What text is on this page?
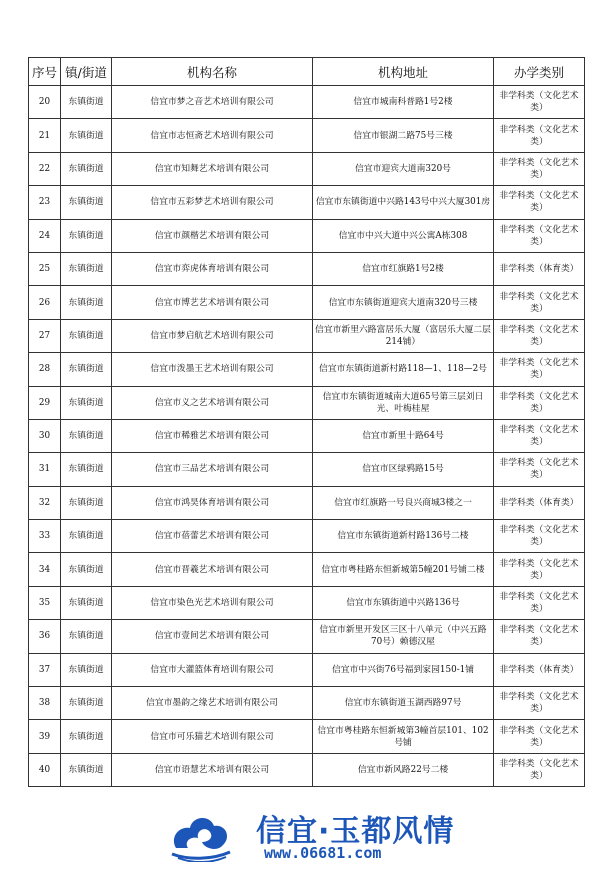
序号	镇/街道	机构名称	机构地址	办学类别
20	东镇街道	信宜市梦之音艺术培训有限公司	信宜市城南科普路1号2楼	非学科类（文化艺术类）
21	东镇街道	信宜市志恒斋艺术培训有限公司	信宜市银湖二路75号三楼	非学科类（文化艺术类）
22	东镇街道	信宜市知舞艺术培训有限公司	信宜市迎宾大道南320号	非学科类（文化艺术类）
23	东镇街道	信宜市五彩梦艺术培训有限公司	信宜市东镇街道中兴路143号中兴大厦301房	非学科类（文化艺术类）
24	东镇街道	信宜市颜楷艺术培训有限公司	信宜市中兴大道中兴公寓A栋308	非学科类（文化艺术类）
25	东镇街道	信宜市弈虎体育培训有限公司	信宜市红旗路1号2楼	非学科类（体育类）
26	东镇街道	信宜市博艺艺术培训有限公司	信宜市东镇街道迎宾大道南320号三楼	非学科类（文化艺术类）
27	东镇街道	信宜市梦启航艺术培训有限公司	信宜市新里六路富居乐大厦（富居乐大厦二层214铺）	非学科类（文化艺术类）
28	东镇街道	信宜市泼墨王艺术培训有限公司	信宜市东镇街道新村路118—1、118—2号	非学科类（文化艺术类）
29	东镇街道	信宜市义之艺术培训有限公司	信宜市东镇街道城南大道65号第三层刘日光、叶梅桂屋	非学科类（文化艺术类）
30	东镇街道	信宜市稀雅艺术培训有限公司	信宜市新里十路64号	非学科类（文化艺术类）
31	东镇街道	信宜市三品艺术培训有限公司	信宜市区绿鸦路15号	非学科类（文化艺术类）
32	东镇街道	信宜市鸿昊体育培训有限公司	信宜市红旗路一号良兴商城3楼之一	非学科类（体育类）
33	东镇街道	信宜市蓓蕾艺术培训有限公司	信宜市东镇街道新村路136号二楼	非学科类（文化艺术类）
34	东镇街道	信宜市晋羲艺术培训有限公司	信宜市粤桂路东恒新城第5幢201号铺二楼	非学科类（文化艺术类）
35	东镇街道	信宜市染色光艺术培训有限公司	信宜市东镇街道中兴路136号	非学科类（文化艺术类）
36	东镇街道	信宜市壹间艺术培训有限公司	信宜市新里开发区三区十八单元（中兴五路70号）赖德汉屋	非学科类（文化艺术类）
37	东镇街道	信宜市大灌篮体育培训有限公司	信宜市中兴街76号福到家园150-1铺	非学科类（体育类）
38	东镇街道	信宜市墨韵之缘艺术培训有限公司	信宜市东镇街道玉湖西路97号	非学科类（文化艺术类）
39	东镇街道	信宜市可乐猫艺术培训有限公司	信宜市粤桂路东恒新城第3幢首层101、102号铺	非学科类（文化艺术类）
40	东镇街道	信宜市语慧艺术培训有限公司	信宜市新风路22号二楼	非学科类（文化艺术类）
信宜·玉都风情
www.06681.com
